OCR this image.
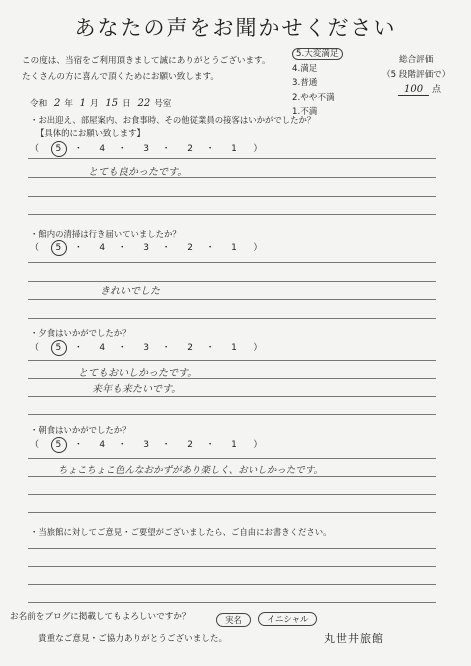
あなたの声をお聞かせください
この度は、当宿をご利用頂きまして誠にありがとうございます。
たくさんの方に喜んで頂くためにお願い致します。
5.大変満足
4.満足
3.普通
2.やや不満
1.不満
総合評価
（5 段階評価で）
100 点
令和 2 年 1 月 15 日 22 号室
・お出迎え、部屋案内、お食事時、その他従業員の接客はいかがでしたか？
【具体的にお願い致します】
（ 5 ・ 4 ・ 3 ・ 2 ・ 1 ）
とても良かったです。
・館内の清掃は行き届いていましたか？
（ 5 ・ 4 ・ 3 ・ 2 ・ 1 ）
きれいでした
・夕食はいかがでしたか？
（ 5 ・ 4 ・ 3 ・ 2 ・ 1 ）
とてもおいしかったです。
来年も来たいです。
・朝食はいかがでしたか？
（ 5 ・ 4 ・ 3 ・ 2 ・ 1 ）
ちょこちょこ色んなおかずがあり楽しく、おいしかったです。
・当旅館に対してご意見・ご要望がございましたら、ご自由にお書きください。
お名前をブログに掲載してもよろしいですか？	実名	イニシャル
貴重なご意見・ご協力ありがとうございました。	丸世井旅館
